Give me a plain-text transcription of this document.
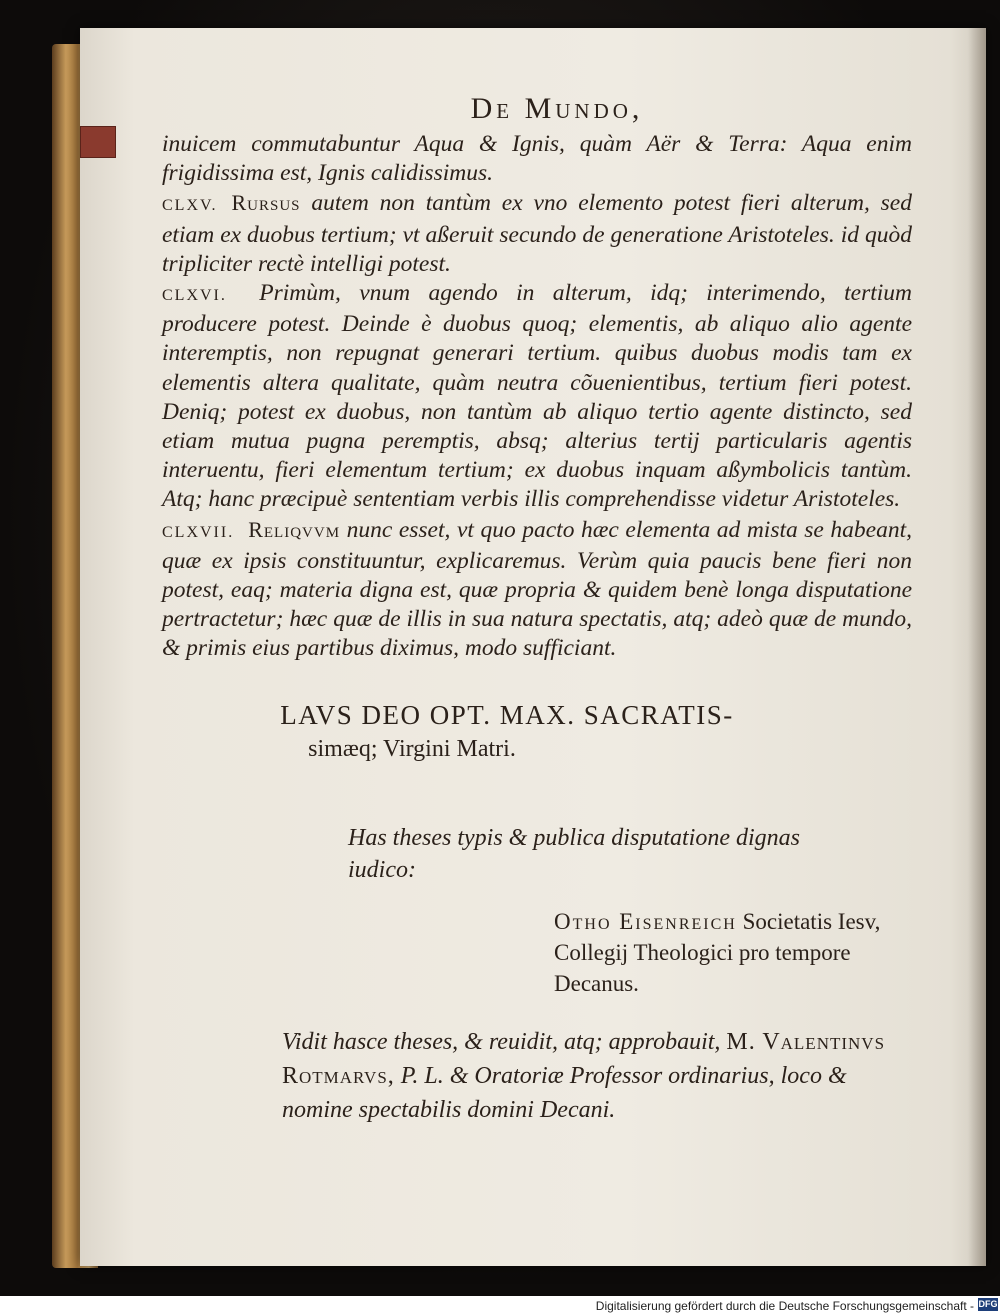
De Mundo,

inuicem commutabuntur Aqua & Ignis, quàm Aër & Terra: Aqua enim frigidissima est, Ignis calidissimus.

CLXV. Rursus autem non tantùm ex vno elemento potest fieri alterum, sed etiam ex duobus tertium; vt aßeruit secundo de generatione Aristoteles. id quòd tripliciter rectè intelligi potest.

CLXVI. Primùm, vnum agendo in alterum, idq; interimendo, tertium producere potest. Deinde è duobus quoq; elementis, ab aliquo alio agente interemptis, non repugnat generari tertium. quibus duobus modis tam ex elementis altera qualitate, quàm neutra cõuenientibus, tertium fieri potest. Deniq; potest ex duobus, non tantùm ab aliquo tertio agente distincto, sed etiam mutua pugna peremptis, absq; alterius tertij particularis agentis interuentu, fieri elementum tertium; ex duobus inquam aßymbolicis tantùm. Atq; hanc præcipuè sententiam verbis illis comprehendisse videtur Aristoteles.

CLXVII. Reliqvvm nunc esset, vt quo pacto hæc elementa ad mista se habeant, quæ ex ipsis constituuntur, explicaremus. Verùm quia paucis bene fieri non potest, eaq; materia digna est, quæ propria & quidem benè longa disputatione pertractetur; hæc quæ de illis in sua natura spectatis, atq; adeò quæ de mundo, & primis eius partibus diximus, modo sufficiant.

LAVS DEO OPT. MAX. SACRATIS-
simæq; Virgini Matri.
Has theses typis & publica disputatione dignas iudico:
Otho Eisenreich Societatis Iesv, Collegij Theologici pro tempore Decanus.
Vidit hasce theses, & reuidit, atq; approbauit, M. Valentinvs Rotmarvs, P. L. & Oratoriæ Professor ordinarius, loco & nomine spectabilis domini Decani.
Digitalisierung gefördert durch die Deutsche Forschungsgemeinschaft - DFG
